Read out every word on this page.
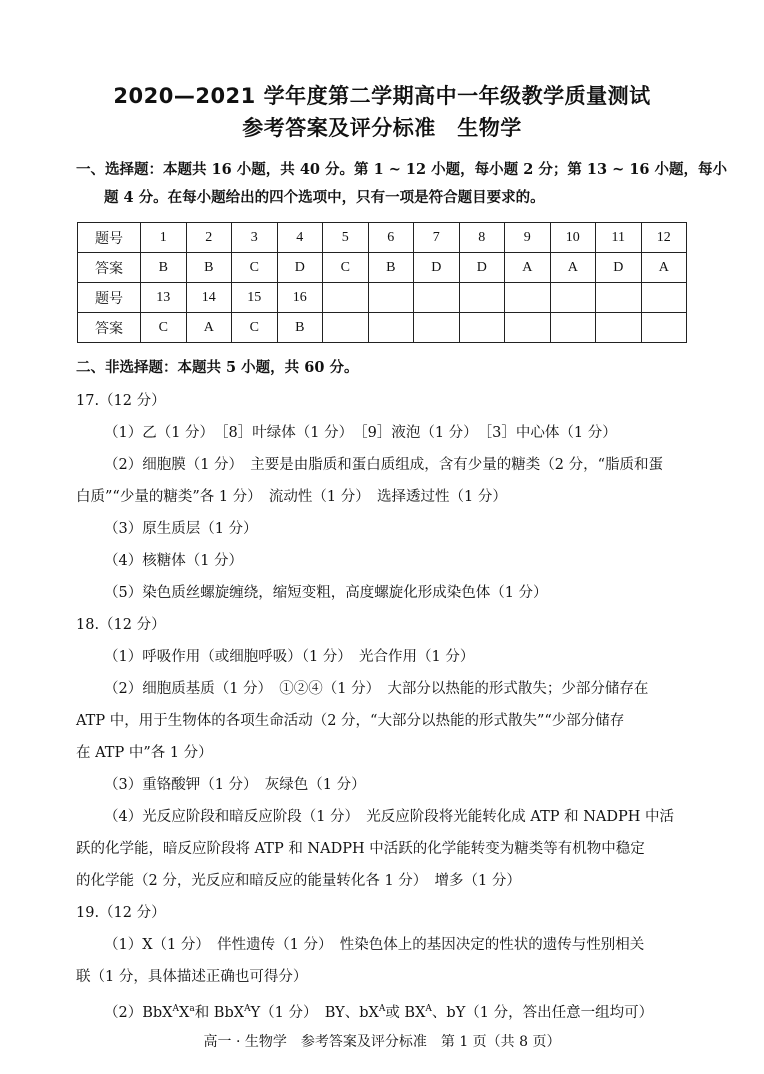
2020—2021 学年度第二学期高中一年级教学质量测试
参考答案及评分标准　生物学
一、选择题：本题共 16 小题，共 40 分。第 1 ~ 12 小题，每小题 2 分；第 13 ~ 16 小题，每小
题 4 分。在每小题给出的四个选项中，只有一项是符合题目要求的。
题号	1	2	3	4	5	6	7	8	9	10	11	12
答案	B	B	C	D	C	B	D	D	A	A	D	A
题号	13	14	15	16								
答案	C	A	C	B								
二、非选择题：本题共 5 小题，共 60 分。
17.（12 分）
（1）乙（1 分）　［8］叶绿体（1 分）　［9］液泡（1 分）　［3］中心体（1 分）
（2）细胞膜（1 分）　主要是由脂质和蛋白质组成，含有少量的糖类（2 分，“脂质和蛋
白质”“少量的糖类”各 1 分）　流动性（1 分）　选择透过性（1 分）
（3）原生质层（1 分）
（4）核糖体（1 分）
（5）染色质丝螺旋缠绕，缩短变粗，高度螺旋化形成染色体（1 分）
18.（12 分）
（1）呼吸作用（或细胞呼吸）（1 分）　光合作用（1 分）
（2）细胞质基质（1 分）　①②④（1 分）　大部分以热能的形式散失；少部分储存在
ATP 中，用于生物体的各项生命活动（2 分，“大部分以热能的形式散失”“少部分储存
在 ATP 中”各 1 分）
（3）重铬酸钾（1 分）　灰绿色（1 分）
（4）光反应阶段和暗反应阶段（1 分）　光反应阶段将光能转化成 ATP 和 NADPH 中活
跃的化学能，暗反应阶段将 ATP 和 NADPH 中活跃的化学能转变为糖类等有机物中稳定
的化学能（2 分，光反应和暗反应的能量转化各 1 分）　增多（1 分）
19.（12 分）
（1）X（1 分）　伴性遗传（1 分）　性染色体上的基因决定的性状的遗传与性别相关
联（1 分，具体描述正确也可得分）
$(2)BbX^AX^a$和 BbX$^A$Y（1 分）　BY、$bX^A$或 $BX^A$、bY（1 分，答出任意一组均可）
高一 · 生物学　参考答案及评分标准　第 1 页（共 8 页）
